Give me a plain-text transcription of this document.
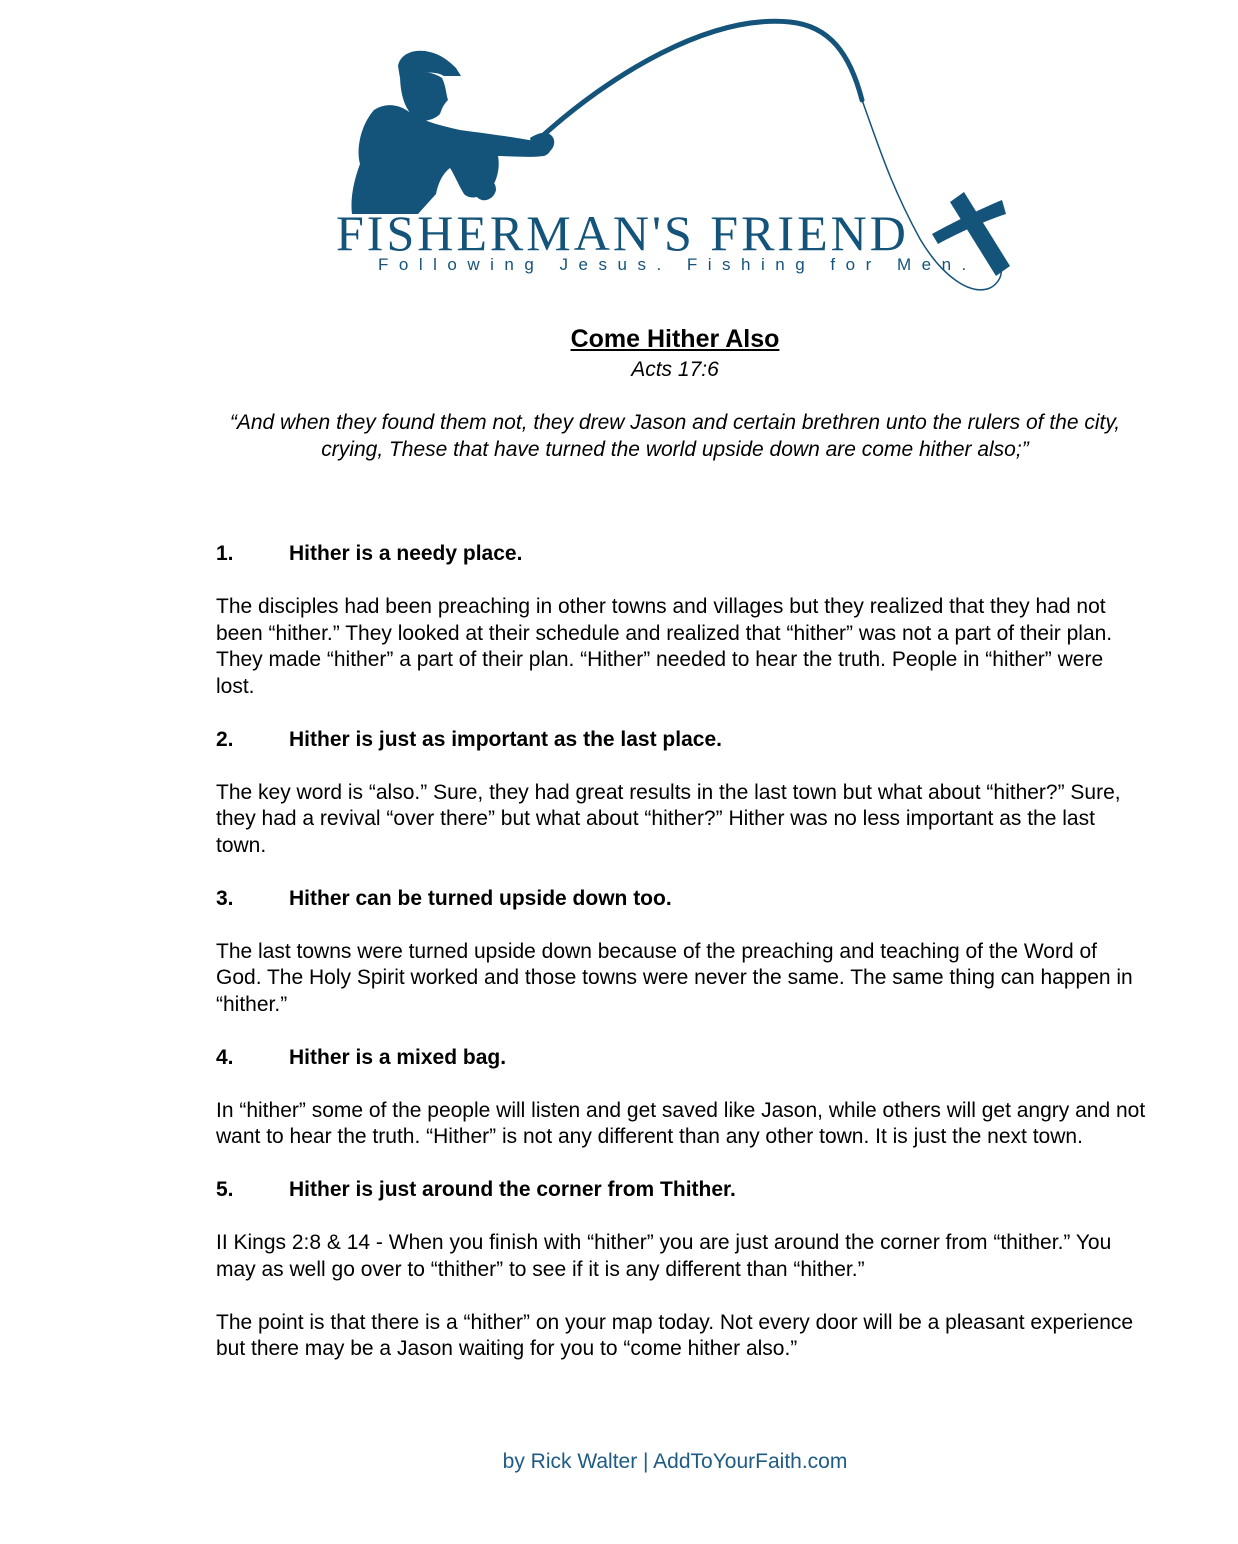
FISHERMAN'S FRIEND
Following Jesus. Fishing for Men.
Come Hither Also
Acts 17:6
“And when they found them not, they drew Jason and certain brethren unto the rulers of the city, crying, These that have turned the world upside down are come hither also;”
1.	Hither is a needy place.
The disciples had been preaching in other towns and villages but they realized that they had not been “hither.” They looked at their schedule and realized that “hither” was not a part of their plan. They made “hither” a part of their plan. “Hither” needed to hear the truth. People in “hither” were lost.
2.	Hither is just as important as the last place.
The key word is “also.” Sure, they had great results in the last town but what about “hither?” Sure, they had a revival “over there” but what about “hither?” Hither was no less important as the last town.
3.	Hither can be turned upside down too.
The last towns were turned upside down because of the preaching and teaching of the Word of God. The Holy Spirit worked and those towns were never the same. The same thing can happen in “hither.”
4.	Hither is a mixed bag.
In “hither” some of the people will listen and get saved like Jason, while others will get angry and not want to hear the truth. “Hither” is not any different than any other town. It is just the next town.
5.	Hither is just around the corner from Thither.
II Kings 2:8 & 14 - When you finish with “hither” you are just around the corner from “thither.” You may as well go over to “thither” to see if it is any different than “hither.”
The point is that there is a “hither” on your map today. Not every door will be a pleasant experience but there may be a Jason waiting for you to “come hither also.”
by Rick Walter | AddToYourFaith.com
